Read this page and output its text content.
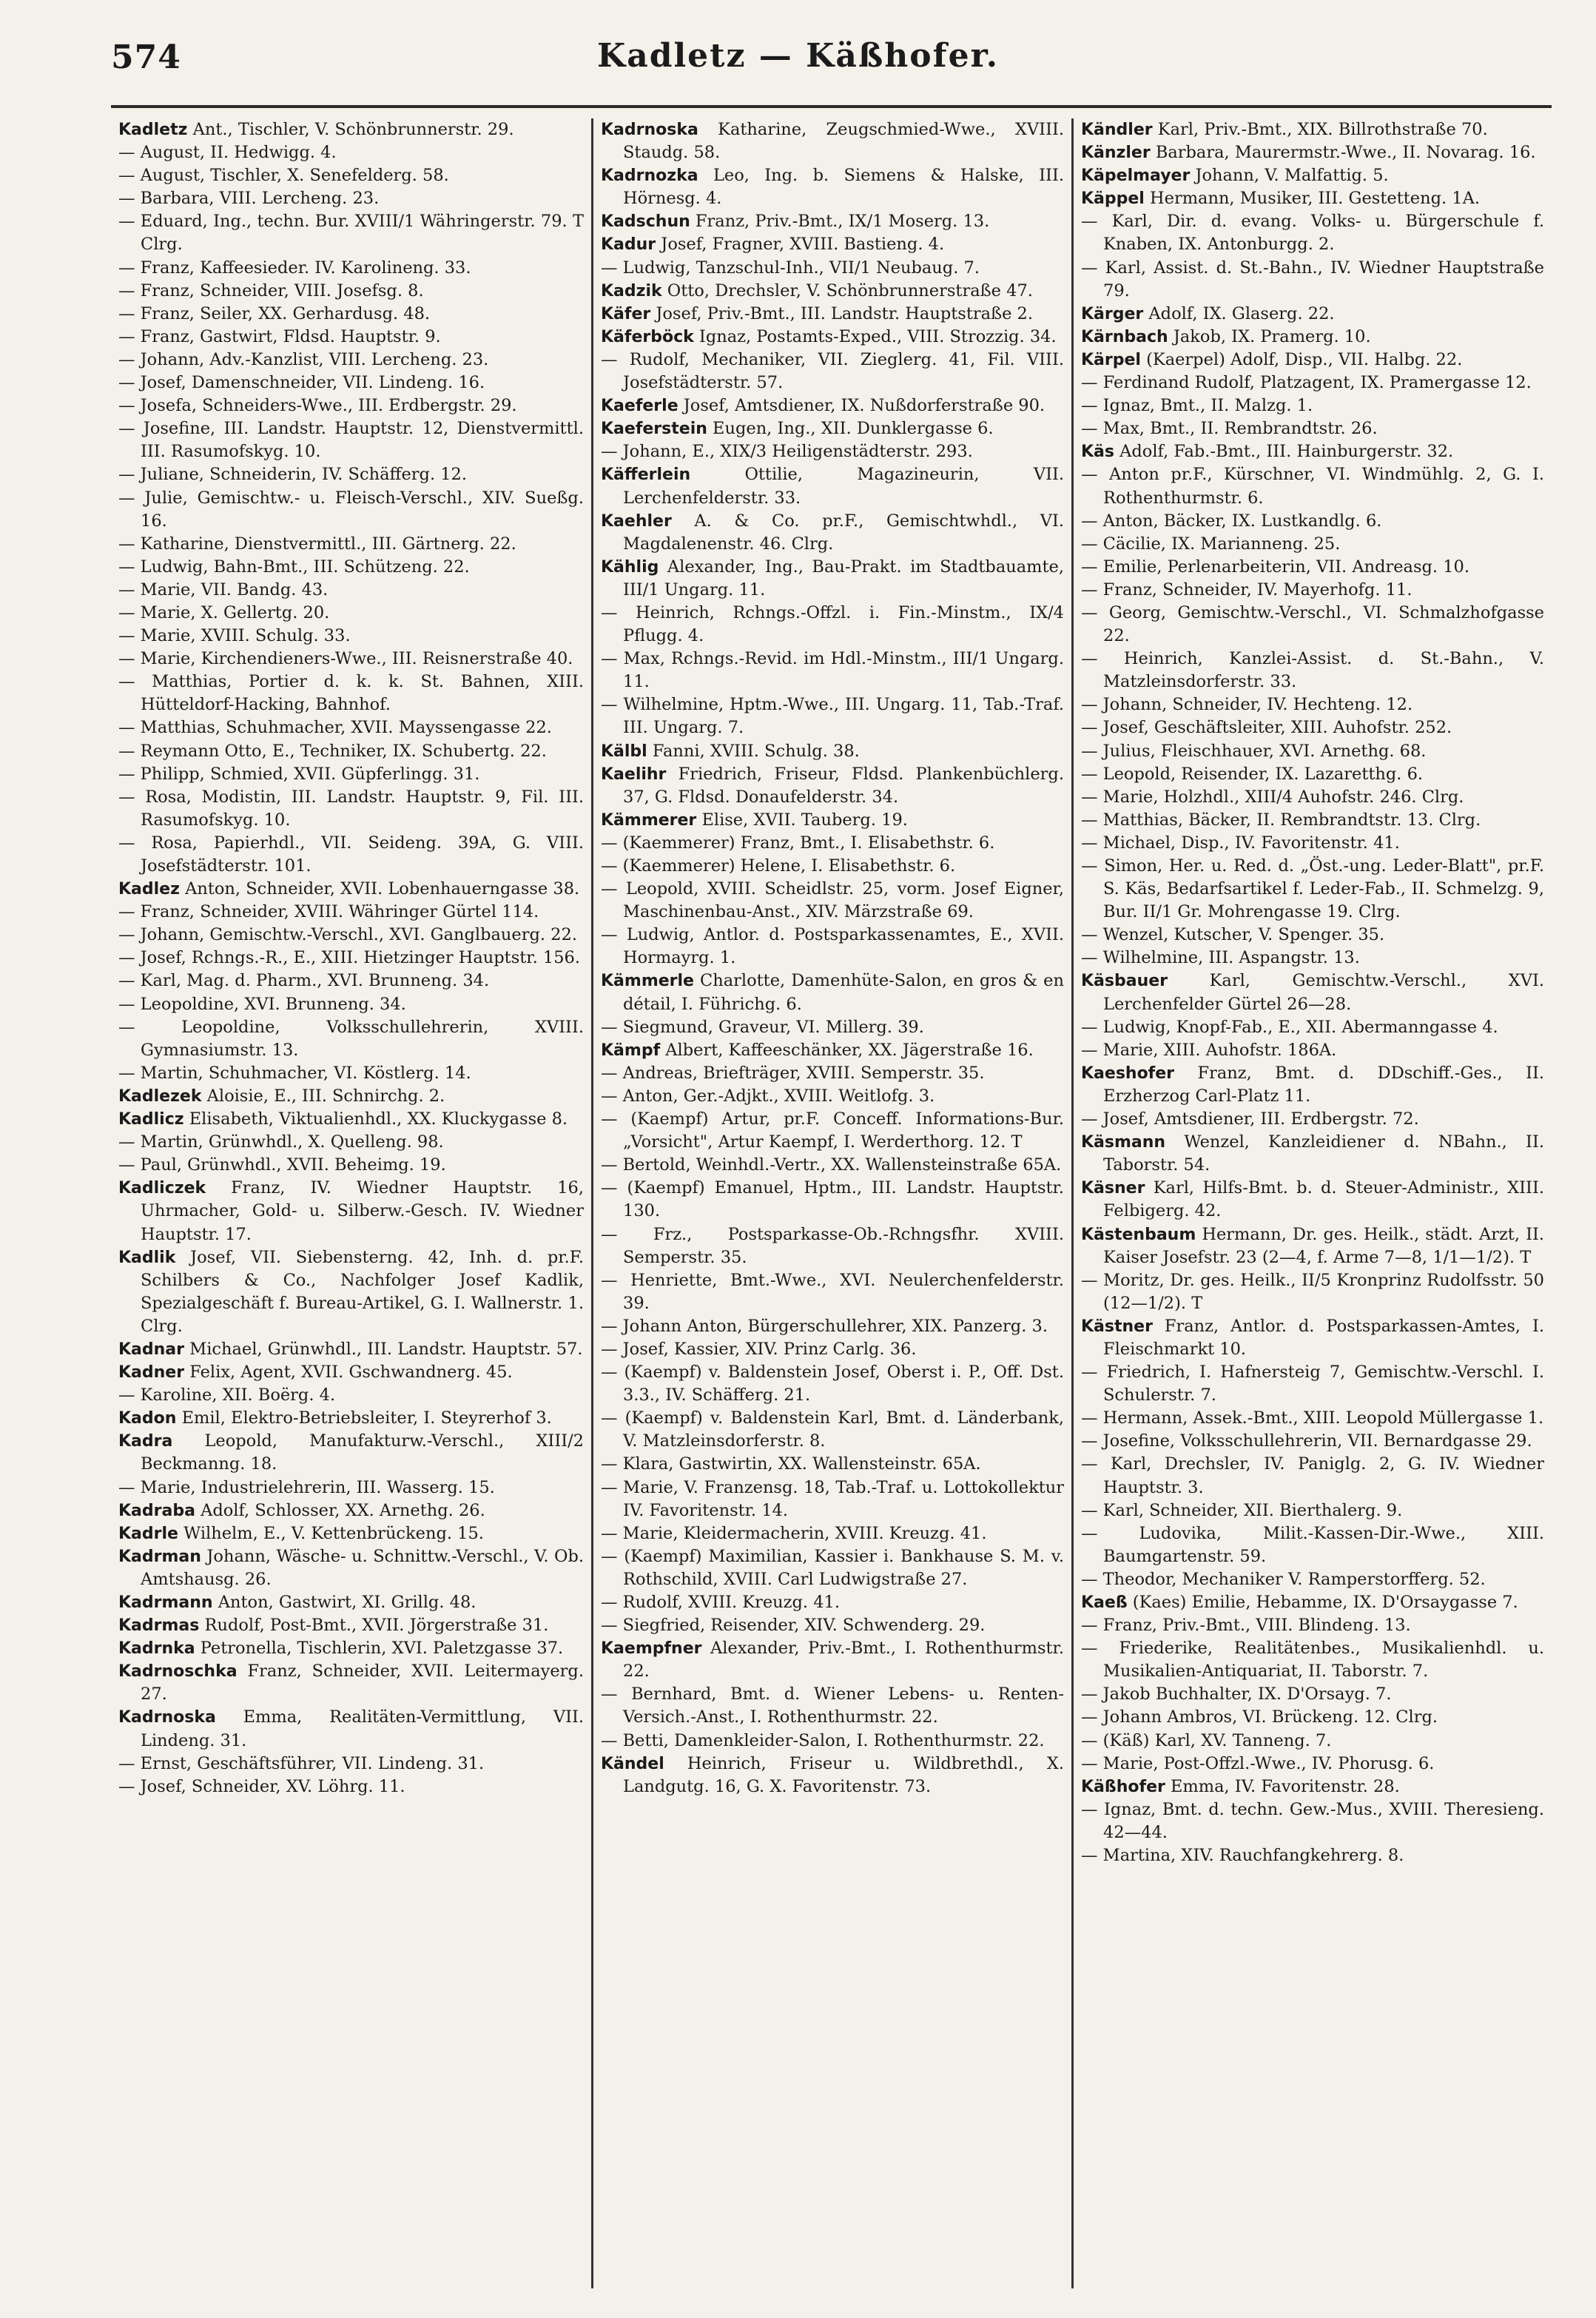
574	Kadletz — Käßhofer.

Kadletz Ant., Tischler, V. Schönbrunnerstr. 29.

— August, II. Hedwigg. 4.

— August, Tischler, X. Senefelderg. 58.

— Barbara, VIII. Lercheng. 23.

— Eduard, Ing., techn. Bur. XVIII/1 Währingerstr. 79. T Clrg.

— Franz, Kaffeesieder. IV. Karolineng. 33.

— Franz, Schneider, VIII. Josefsg. 8.

— Franz, Seiler, XX. Gerhardusg. 48.

— Franz, Gastwirt, Fldsd. Hauptstr. 9.

— Johann, Adv.-Kanzlist, VIII. Lercheng. 23.

— Josef, Damenschneider, VII. Lindeng. 16.

— Josefa, Schneiders-Wwe., III. Erdbergstr. 29.

— Josefine, III. Landstr. Hauptstr. 12, Dienstvermittl. III. Rasumofskyg. 10.

— Juliane, Schneiderin, IV. Schäfferg. 12.

— Julie, Gemischtw.- u. Fleisch-Verschl., XIV. Sueßg. 16.

— Katharine, Dienstvermittl., III. Gärtnerg. 22.

— Ludwig, Bahn-Bmt., III. Schützeng. 22.

— Marie, VII. Bandg. 43.

— Marie, X. Gellertg. 20.

— Marie, XVIII. Schulg. 33.

— Marie, Kirchendieners-Wwe., III. Reisnerstraße 40.

— Matthias, Portier d. k. k. St. Bahnen, XIII. Hütteldorf-Hacking, Bahnhof.

— Matthias, Schuhmacher, XVII. Mayssengasse 22.

— Reymann Otto, E., Techniker, IX. Schubertg. 22.

— Philipp, Schmied, XVII. Güpferlingg. 31.

— Rosa, Modistin, III. Landstr. Hauptstr. 9, Fil. III. Rasumofskyg. 10.

— Rosa, Papierhdl., VII. Seideng. 39A, G. VIII. Josefstädterstr. 101.

Kadlez Anton, Schneider, XVII. Lobenhauerngasse 38.

— Franz, Schneider, XVIII. Währinger Gürtel 114.

— Johann, Gemischtw.-Verschl., XVI. Ganglbauerg. 22.

— Josef, Rchngs.-R., E., XIII. Hietzinger Hauptstr. 156.

— Karl, Mag. d. Pharm., XVI. Brunneng. 34.

— Leopoldine, XVI. Brunneng. 34.

— Leopoldine, Volksschullehrerin, XVIII. Gymnasiumstr. 13.

— Martin, Schuhmacher, VI. Köstlerg. 14.

Kadlezek Aloisie, E., III. Schnirchg. 2.

Kadlicz Elisabeth, Viktualienhdl., XX. Kluckygasse 8.

— Martin, Grünwhdl., X. Quelleng. 98.

— Paul, Grünwhdl., XVII. Beheimg. 19.

Kadliczek Franz, IV. Wiedner Hauptstr. 16, Uhrmacher, Gold- u. Silberw.-Gesch. IV. Wiedner Hauptstr. 17.

Kadlik Josef, VII. Siebensterng. 42, Inh. d. pr.F. Schilbers & Co., Nachfolger Josef Kadlik, Spezialgeschäft f. Bureau-Artikel, G. I. Wallnerstr. 1. Clrg.

Kadnar Michael, Grünwhdl., III. Landstr. Hauptstr. 57.

Kadner Felix, Agent, XVII. Gschwandnerg. 45.

— Karoline, XII. Boërg. 4.

Kadon Emil, Elektro-Betriebsleiter, I. Steyrerhof 3.

Kadra Leopold, Manufakturw.-Verschl., XIII/2 Beckmanng. 18.

— Marie, Industrielehrerin, III. Wasserg. 15.

Kadraba Adolf, Schlosser, XX. Arnethg. 26.

Kadrle Wilhelm, E., V. Kettenbrückeng. 15.

Kadrman Johann, Wäsche- u. Schnittw.-Verschl., V. Ob. Amtshausg. 26.

Kadrmann Anton, Gastwirt, XI. Grillg. 48.

Kadrmas Rudolf, Post-Bmt., XVII. Jörgerstraße 31.

Kadrnka Petronella, Tischlerin, XVI. Paletzgasse 37.

Kadrnoschka Franz, Schneider, XVII. Leitermayerg. 27.

Kadrnoska Emma, Realitäten-Vermittlung, VII. Lindeng. 31.

— Ernst, Geschäftsführer, VII. Lindeng. 31.

— Josef, Schneider, XV. Löhrg. 11.

Kadrnoska Katharine, Zeugschmied-Wwe., XVIII. Staudg. 58.

Kadrnozka Leo, Ing. b. Siemens & Halske, III. Hörnesg. 4.

Kadschun Franz, Priv.-Bmt., IX/1 Moserg. 13.

Kadur Josef, Fragner, XVIII. Bastieng. 4.

— Ludwig, Tanzschul-Inh., VII/1 Neubaug. 7.

Kadzik Otto, Drechsler, V. Schönbrunnerstraße 47.

Käfer Josef, Priv.-Bmt., III. Landstr. Hauptstraße 2.

Käferböck Ignaz, Postamts-Exped., VIII. Strozzig. 34.

— Rudolf, Mechaniker, VII. Zieglerg. 41, Fil. VIII. Josefstädterstr. 57.

Kaeferle Josef, Amtsdiener, IX. Nußdorferstraße 90.

Kaeferstein Eugen, Ing., XII. Dunklergasse 6.

— Johann, E., XIX/3 Heiligenstädterstr. 293.

Käfferlein Ottilie, Magazineurin, VII. Lerchenfelderstr. 33.

Kaehler A. & Co. pr.F., Gemischtwhdl., VI. Magdalenenstr. 46. Clrg.

Kählig Alexander, Ing., Bau-Prakt. im Stadtbauamte, III/1 Ungarg. 11.

— Heinrich, Rchngs.-Offzl. i. Fin.-Minstm., IX/4 Pflugg. 4.

— Max, Rchngs.-Revid. im Hdl.-Minstm., III/1 Ungarg. 11.

— Wilhelmine, Hptm.-Wwe., III. Ungarg. 11, Tab.-Traf. III. Ungarg. 7.

Kälbl Fanni, XVIII. Schulg. 38.

Kaelihr Friedrich, Friseur, Fldsd. Plankenbüchlerg. 37, G. Fldsd. Donaufelderstr. 34.

Kämmerer Elise, XVII. Tauberg. 19.

— (Kaemmerer) Franz, Bmt., I. Elisabethstr. 6.

— (Kaemmerer) Helene, I. Elisabethstr. 6.

— Leopold, XVIII. Scheidlstr. 25, vorm. Josef Eigner, Maschinenbau-Anst., XIV. Märzstraße 69.

— Ludwig, Antlor. d. Postsparkassenamtes, E., XVII. Hormayrg. 1.

Kämmerle Charlotte, Damenhüte-Salon, en gros & en détail, I. Führichg. 6.

— Siegmund, Graveur, VI. Millerg. 39.

Kämpf Albert, Kaffeeschänker, XX. Jägerstraße 16.

— Andreas, Briefträger, XVIII. Semperstr. 35.

— Anton, Ger.-Adjkt., XVIII. Weitlofg. 3.

— (Kaempf) Artur, pr.F. Conceff. Informations-Bur. „Vorsicht", Artur Kaempf, I. Werderthorg. 12. T

— Bertold, Weinhdl.-Vertr., XX. Wallensteinstraße 65A.

— (Kaempf) Emanuel, Hptm., III. Landstr. Hauptstr. 130.

— Frz., Postsparkasse-Ob.-Rchngsfhr. XVIII. Semperstr. 35.

— Henriette, Bmt.-Wwe., XVI. Neulerchenfelderstr. 39.

— Johann Anton, Bürgerschullehrer, XIX. Panzerg. 3.

— Josef, Kassier, XIV. Prinz Carlg. 36.

— (Kaempf) v. Baldenstein Josef, Oberst i. P., Off. Dst. 3.3., IV. Schäfferg. 21.

— (Kaempf) v. Baldenstein Karl, Bmt. d. Länderbank, V. Matzleinsdorferstr. 8.

— Klara, Gastwirtin, XX. Wallensteinstr. 65A.

— Marie, V. Franzensg. 18, Tab.-Traf. u. Lottokollektur IV. Favoritenstr. 14.

— Marie, Kleidermacherin, XVIII. Kreuzg. 41.

— (Kaempf) Maximilian, Kassier i. Bankhause S. M. v. Rothschild, XVIII. Carl Ludwigstraße 27.

— Rudolf, XVIII. Kreuzg. 41.

— Siegfried, Reisender, XIV. Schwenderg. 29.

Kaempfner Alexander, Priv.-Bmt., I. Rothenthurmstr. 22.

— Bernhard, Bmt. d. Wiener Lebens- u. Renten-Versich.-Anst., I. Rothenthurmstr. 22.

— Betti, Damenkleider-Salon, I. Rothenthurmstr. 22.

Kändel Heinrich, Friseur u. Wildbrethdl., X. Landgutg. 16, G. X. Favoritenstr. 73.

Kändler Karl, Priv.-Bmt., XIX. Billrothstraße 70.

Känzler Barbara, Maurermstr.-Wwe., II. Novarag. 16.

Käpelmayer Johann, V. Malfattig. 5.

Käppel Hermann, Musiker, III. Gestetteng. 1A.

— Karl, Dir. d. evang. Volks- u. Bürgerschule f. Knaben, IX. Antonburgg. 2.

— Karl, Assist. d. St.-Bahn., IV. Wiedner Hauptstraße 79.

Kärger Adolf, IX. Glaserg. 22.

Kärnbach Jakob, IX. Pramerg. 10.

Kärpel (Kaerpel) Adolf, Disp., VII. Halbg. 22.

— Ferdinand Rudolf, Platzagent, IX. Pramergasse 12.

— Ignaz, Bmt., II. Malzg. 1.

— Max, Bmt., II. Rembrandtstr. 26.

Käs Adolf, Fab.-Bmt., III. Hainburgerstr. 32.

— Anton pr.F., Kürschner, VI. Windmühlg. 2, G. I. Rothenthurmstr. 6.

— Anton, Bäcker, IX. Lustkandlg. 6.

— Cäcilie, IX. Marianneng. 25.

— Emilie, Perlenarbeiterin, VII. Andreasg. 10.

— Franz, Schneider, IV. Mayerhofg. 11.

— Georg, Gemischtw.-Verschl., VI. Schmalzhofgasse 22.

— Heinrich, Kanzlei-Assist. d. St.-Bahn., V. Matzleinsdorferstr. 33.

— Johann, Schneider, IV. Hechteng. 12.

— Josef, Geschäftsleiter, XIII. Auhofstr. 252.

— Julius, Fleischhauer, XVI. Arnethg. 68.

— Leopold, Reisender, IX. Lazaretthg. 6.

— Marie, Holzhdl., XIII/4 Auhofstr. 246. Clrg.

— Matthias, Bäcker, II. Rembrandtstr. 13. Clrg.

— Michael, Disp., IV. Favoritenstr. 41.

— Simon, Her. u. Red. d. „Öst.-ung. Leder-Blatt", pr.F. S. Käs, Bedarfsartikel f. Leder-Fab., II. Schmelzg. 9, Bur. II/1 Gr. Mohrengasse 19. Clrg.

— Wenzel, Kutscher, V. Spenger. 35.

— Wilhelmine, III. Aspangstr. 13.

Käsbauer Karl, Gemischtw.-Verschl., XVI. Lerchenfelder Gürtel 26—28.

— Ludwig, Knopf-Fab., E., XII. Abermanngasse 4.

— Marie, XIII. Auhofstr. 186A.

Kaeshofer Franz, Bmt. d. DDschiff.-Ges., II. Erzherzog Carl-Platz 11.

— Josef, Amtsdiener, III. Erdbergstr. 72.

Käsmann Wenzel, Kanzleidiener d. NBahn., II. Taborstr. 54.

Käsner Karl, Hilfs-Bmt. b. d. Steuer-Administr., XIII. Felbigerg. 42.

Kästenbaum Hermann, Dr. ges. Heilk., städt. Arzt, II. Kaiser Josefstr. 23 (2—4, f. Arme 7—8, 1/1—1/2). T

— Moritz, Dr. ges. Heilk., II/5 Kronprinz Rudolfsstr. 50 (12—1/2). T

Kästner Franz, Antlor. d. Postsparkassen-Amtes, I. Fleischmarkt 10.

— Friedrich, I. Hafnersteig 7, Gemischtw.-Verschl. I. Schulerstr. 7.

— Hermann, Assek.-Bmt., XIII. Leopold Müllergasse 1.

— Josefine, Volksschullehrerin, VII. Bernardgasse 29.

— Karl, Drechsler, IV. Paniglg. 2, G. IV. Wiedner Hauptstr. 3.

— Karl, Schneider, XII. Bierthalerg. 9.

— Ludovika, Milit.-Kassen-Dir.-Wwe., XIII. Baumgartenstr. 59.

— Theodor, Mechaniker V. Ramperstorfferg. 52.

Kaeß (Kaes) Emilie, Hebamme, IX. D'Orsaygasse 7.

— Franz, Priv.-Bmt., VIII. Blindeng. 13.

— Friederike, Realitätenbes., Musikalienhdl. u. Musikalien-Antiquariat, II. Taborstr. 7.

— Jakob Buchhalter, IX. D'Orsayg. 7.

— Johann Ambros, VI. Brückeng. 12. Clrg.

— (Käß) Karl, XV. Tanneng. 7.

— Marie, Post-Offzl.-Wwe., IV. Phorusg. 6.

Käßhofer Emma, IV. Favoritenstr. 28.

— Ignaz, Bmt. d. techn. Gew.-Mus., XVIII. Theresieng. 42—44.

— Martina, XIV. Rauchfangkehrerg. 8.
